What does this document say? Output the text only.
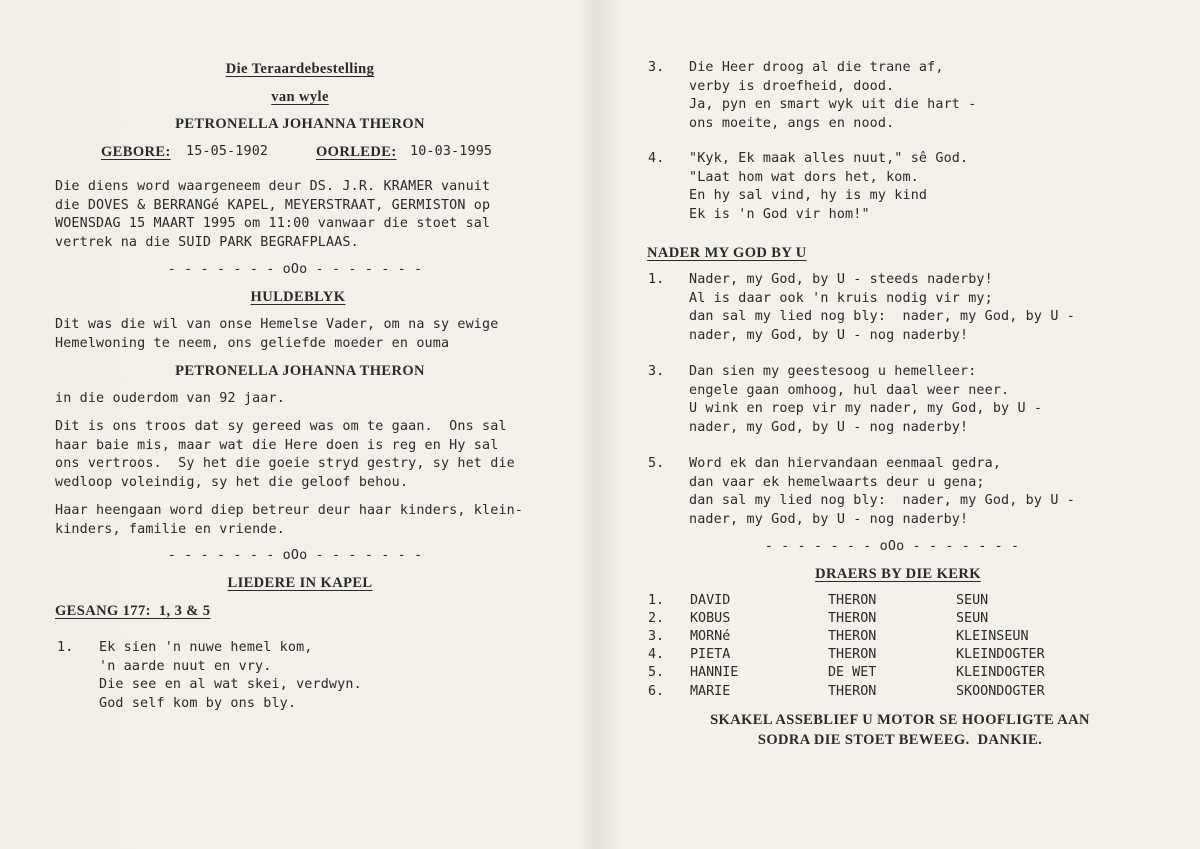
Die Teraardebestelling
van wyle
PETRONELLA JOHANNA THERON
GEBORE: 15-05-1902	OORLEDE: 10-03-1995
Die diens word waargeneem deur DS. J.R. KRAMER vanuit
die DOVES & BERRANGé KAPEL, MEYERSTRAAT, GERMISTON op
WOENSDAG 15 MAART 1995 om 11:00 vanwaar die stoet sal
vertrek na die SUID PARK BEGRAFPLAAS.
- - - - - - - oOo - - - - - - -
HULDEBLYK
Dit was die wil van onse Hemelse Vader, om na sy ewige
Hemelwoning te neem, ons geliefde moeder en ouma
PETRONELLA JOHANNA THERON
in die ouderdom van 92 jaar.
Dit is ons troos dat sy gereed was om te gaan.  Ons sal
haar baie mis, maar wat die Here doen is reg en Hy sal
ons vertroos.  Sy het die goeie stryd gestry, sy het die
wedloop voleindig, sy het die geloof behou.
Haar heengaan word diep betreur deur haar kinders, klein-
kinders, familie en vriende.
- - - - - - - oOo - - - - - - -
LIEDERE IN KAPEL
GESANG 177:  1, 3 & 5
1. Ek sien 'n nuwe hemel kom,
'n aarde nuut en vry.
Die see en al wat skei, verdwyn.
God self kom by ons bly.
3. Die Heer droog al die trane af,
verby is droefheid, dood.
Ja, pyn en smart wyk uit die hart -
ons moeite, angs en nood.
4. "Kyk, Ek maak alles nuut," sê God.
"Laat hom wat dors het, kom.
En hy sal vind, hy is my kind
Ek is 'n God vir hom!"
NADER MY GOD BY U
1. Nader, my God, by U - steeds naderby!
Al is daar ook 'n kruis nodig vir my;
dan sal my lied nog bly:  nader, my God, by U -
nader, my God, by U - nog naderby!
3. Dan sien my geestesoog u hemelleer:
engele gaan omhoog, hul daal weer neer.
U wink en roep vir my nader, my God, by U -
nader, my God, by U - nog naderby!
5. Word ek dan hiervandaan eenmaal gedra,
dan vaar ek hemelwaarts deur u gena;
dan sal my lied nog bly:  nader, my God, by U -
nader, my God, by U - nog naderby!
- - - - - - - oOo - - - - - - -
DRAERS BY DIE KERK
1. DAVID	THERON	SEUN
2. KOBUS	THERON	SEUN
3. MORNé	THERON	KLEINSEUN
4. PIETA	THERON	KLEINDOGTER
5. HANNIE	DE WET	KLEINDOGTER
6. MARIE	THERON	SKOONDOGTER
SKAKEL ASSEBLIEF U MOTOR SE HOOFLIGTE AAN
SODRA DIE STOET BEWEEG.  DANKIE.
